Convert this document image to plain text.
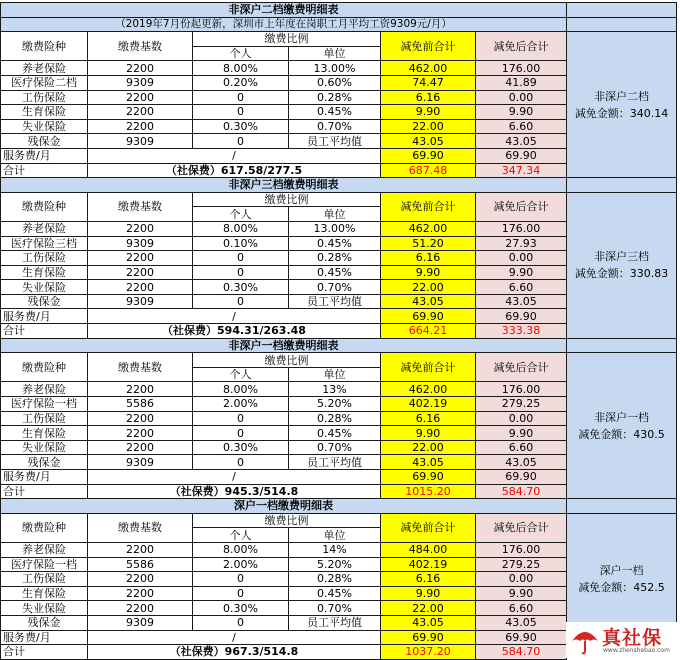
非深户二档缴费明细表						
（2019年7月份起更新，深圳市上年度在岗职工月平均工资9309元/月）						
缴费险种	缴费基数	缴费比例		减免前合计	减免后合计	非深户二档
减免金额：340.14

		个人	单位			
养老保险	2200	8.00%	13.00%	462.00	176.00	
医疗保险二档	9309	0.20%	0.60%	74.47	41.89	
工伤保险	2200	0	0.28%	6.16	0.00	
生育保险	2200	0	0.45%	9.90	9.90	
失业保险	2200	0.30%	0.70%	22.00	6.60	
残保金	9309	0	员工平均值	43.05	43.05	
服务费/月	/			69.90	69.90	
合计	（社保费）617.58/277.5			687.48	347.34	
非深户三档缴费明细表						
缴费险种	缴费基数	缴费比例		减免前合计	减免后合计	非深户三档
减免金额：330.83

		个人	单位			
养老保险	2200	8.00%	13.00%	462.00	176.00	
医疗保险三档	9309	0.10%	0.45%	51.20	27.93	
工伤保险	2200	0	0.28%	6.16	0.00	
生育保险	2200	0	0.45%	9.90	9.90	
失业保险	2200	0.30%	0.70%	22.00	6.60	
残保金	9309	0	员工平均值	43.05	43.05	
服务费/月	/			69.90	69.90	
合计	（社保费）594.31/263.48			664.21	333.38	
非深户一档缴费明细表						
缴费险种	缴费基数	缴费比例		减免前合计	减免后合计	非深户一档
减免金额：430.5

		个人	单位			
养老保险	2200	8.00%	13%	462.00	176.00	
医疗保险一档	5586	2.00%	5.20%	402.19	279.25	
工伤保险	2200	0	0.28%	6.16	0.00	
生育保险	2200	0	0.45%	9.90	9.90	
失业保险	2200	0.30%	0.70%	22.00	6.60	
残保金	9309	0	员工平均值	43.05	43.05	
服务费/月	/			69.90	69.90	
合计	（社保费）945.3/514.8			1015.20	584.70	
深户一档缴费明细表						
缴费险种	缴费基数	缴费比例		减免前合计	减免后合计	深户一档
减免金额：452.5

		个人	单位			
养老保险	2200	8.00%	14%	484.00	176.00	
医疗保险一档	5586	2.00%	5.20%	402.19	279.25	
工伤保险	2200	0	0.28%	6.16	0.00	
生育保险	2200	0	0.45%	9.90	9.90	
失业保险	2200	0.30%	0.70%	22.00	6.60	
残保金	9309	0	员工平均值	43.05	43.05	
服务费/月	/			69.90	69.90	
合计	（社保费）967.3/514.8			1037.20	584.70	
真社保
www.zhenshebao.com
